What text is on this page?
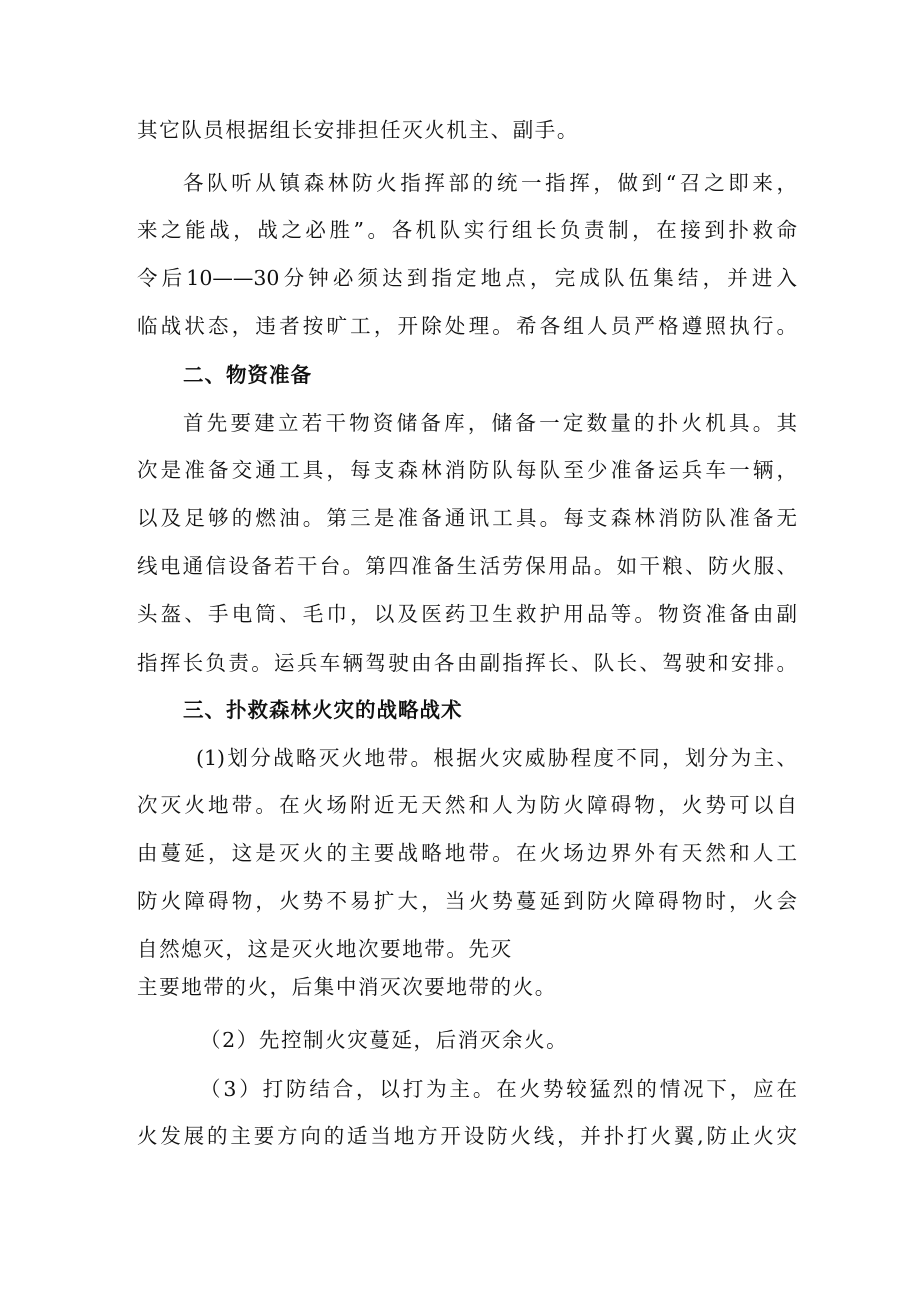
其它队员根据组长安排担任灭火机主、副手。
各队听从镇森林防火指挥部的统一指挥，做到“召之即来，
来之能战，战之必胜”。各机队实行组长负责制，在接到扑救命
令后10——30分钟必须达到指定地点，完成队伍集结，并进入
临战状态，违者按旷工，开除处理。希各组人员严格遵照执行。
二、物资准备
首先要建立若干物资储备库，储备一定数量的扑火机具。其
次是准备交通工具，每支森林消防队每队至少准备运兵车一辆，
以及足够的燃油。第三是准备通讯工具。每支森林消防队准备无
线电通信设备若干台。第四准备生活劳保用品。如干粮、防火服、
头盔、手电筒、毛巾，以及医药卫生救护用品等。物资准备由副
指挥长负责。运兵车辆驾驶由各由副指挥长、队长、驾驶和安排。
三、扑救森林火灾的战略战术
(1)划分战略灭火地带。根据火灾威胁程度不同，划分为主、
次灭火地带。在火场附近无天然和人为防火障碍物，火势可以自
由蔓延，这是灭火的主要战略地带。在火场边界外有天然和人工
防火障碍物，火势不易扩大，当火势蔓延到防火障碍物时，火会
自然熄灭，这是灭火地次要地带。先灭
主要地带的火，后集中消灭次要地带的火。
（2）先控制火灾蔓延，后消灭余火。
（3）打防结合，以打为主。在火势较猛烈的情况下，应在
火发展的主要方向的适当地方开设防火线，并扑打火翼,防止火灾
